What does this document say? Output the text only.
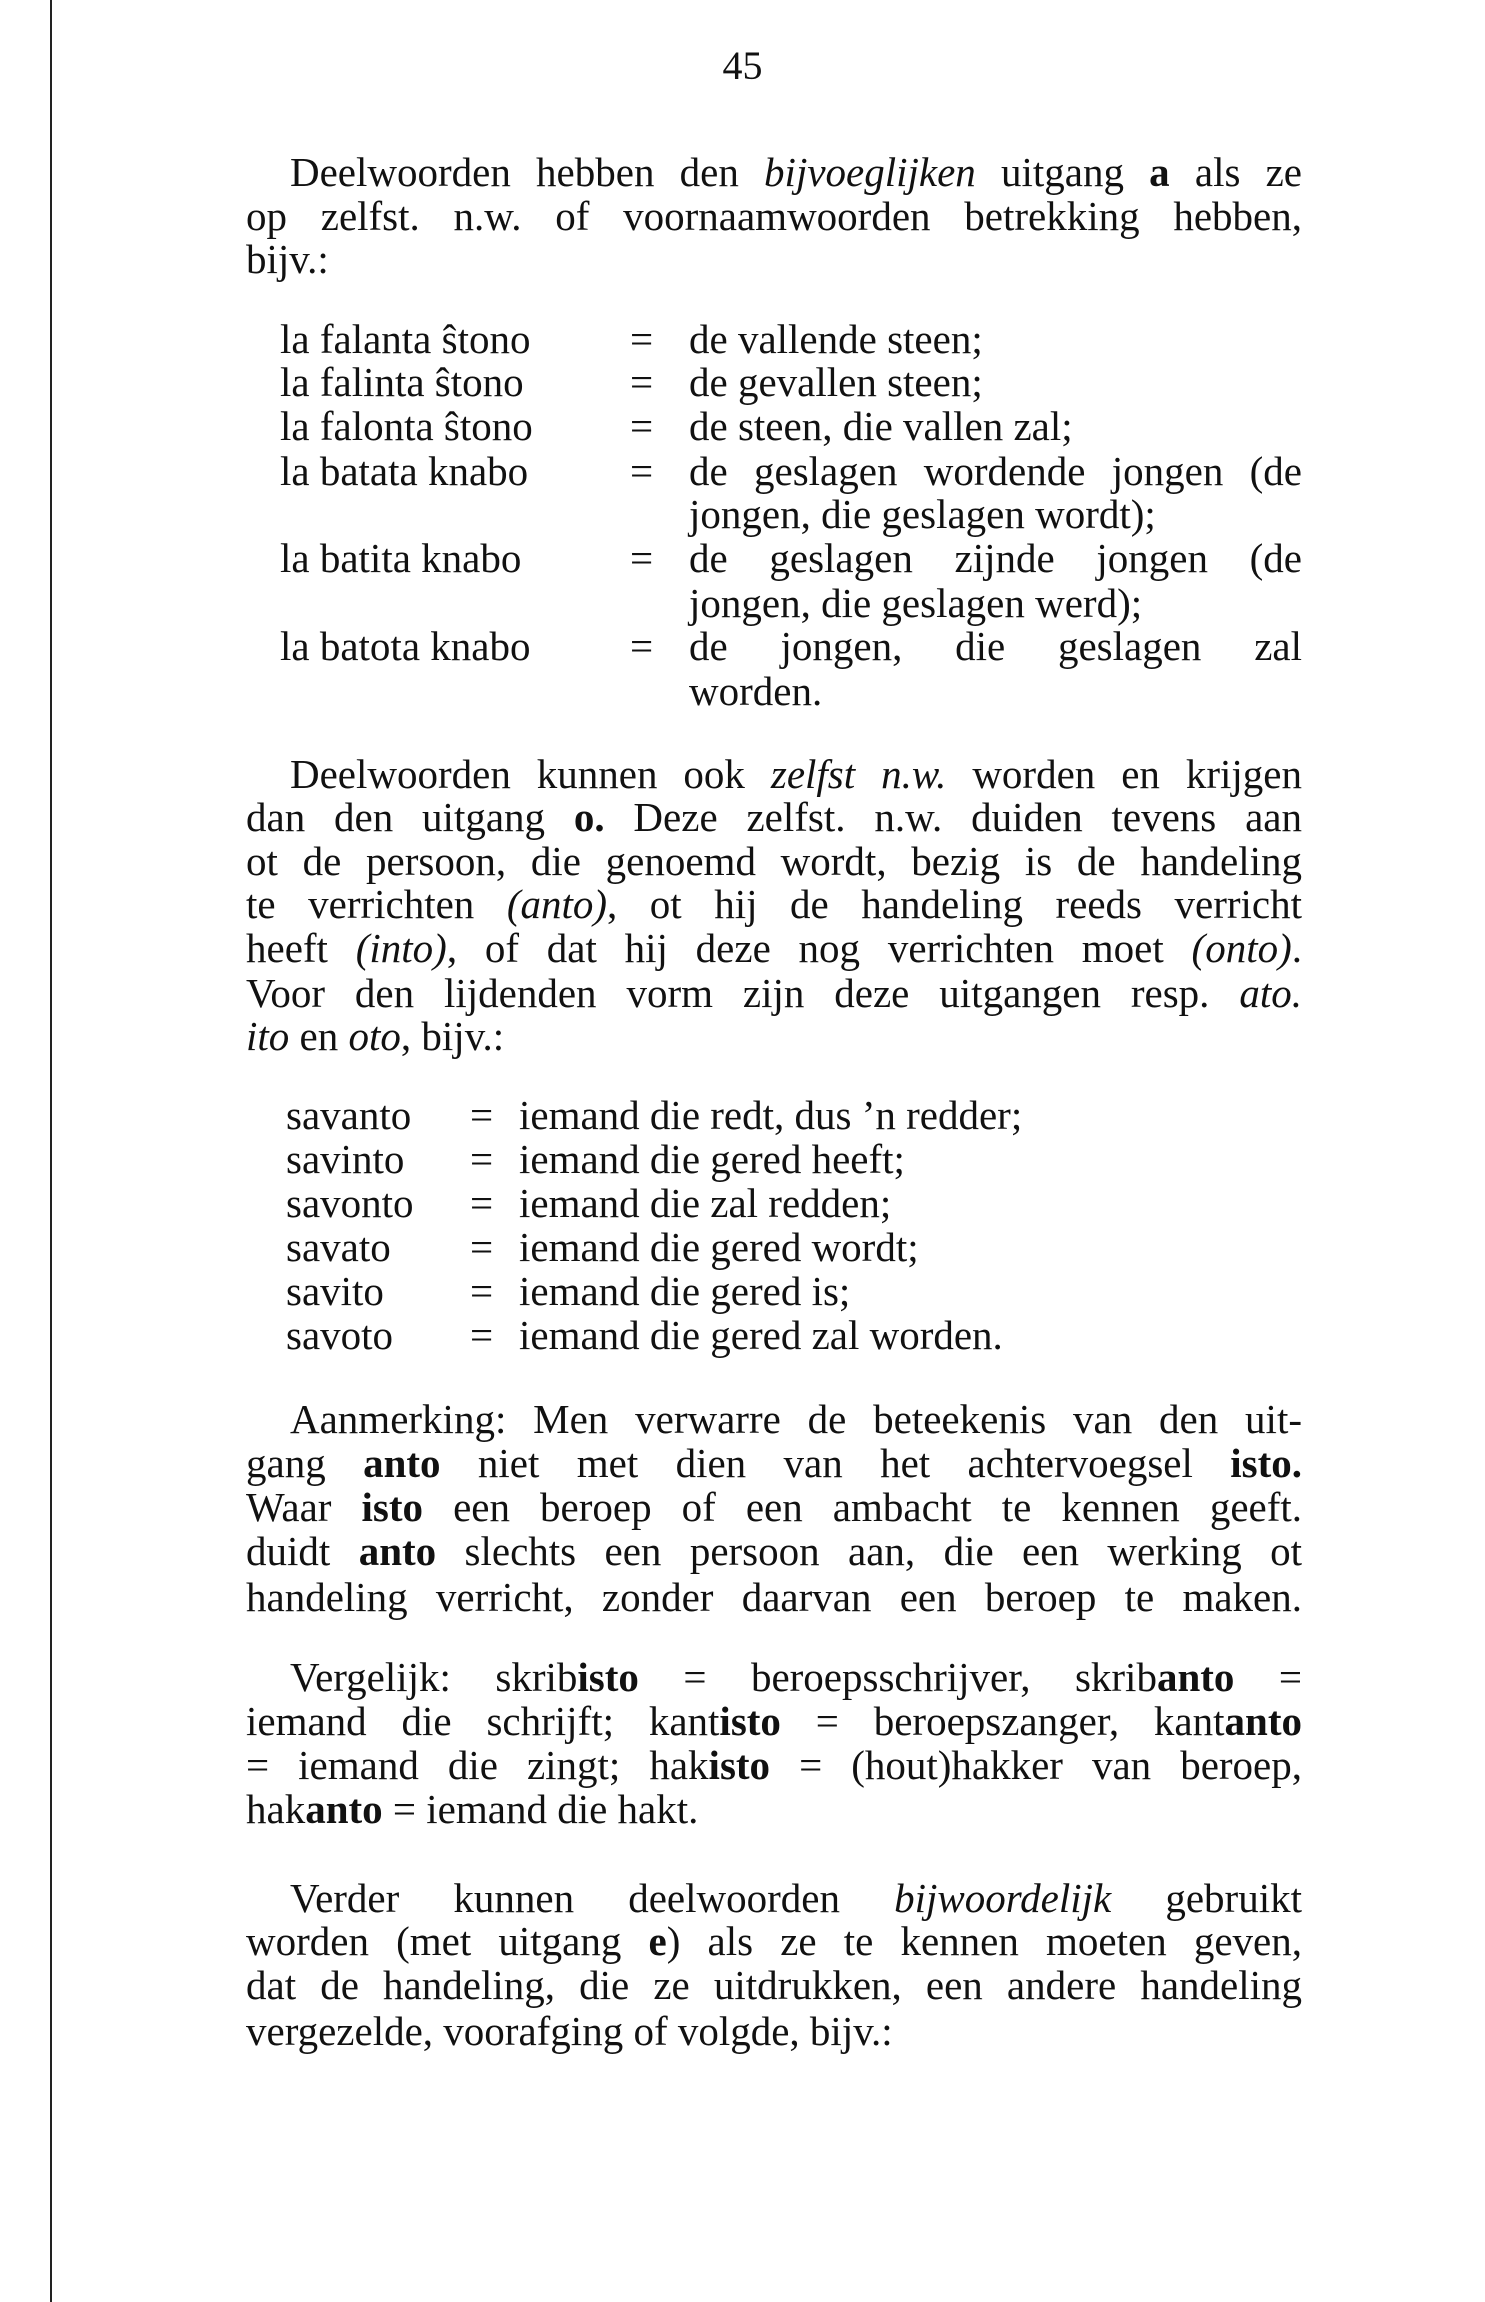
45
Deelwoorden hebben den bijvoeglijken uitgang a als ze
op zelfst. n.w. of voornaamwoorden betrekking hebben,
bijv.:
la falanta ŝtono = de vallende steen;
la falinta ŝtono	= de gevallen steen;
la falonta ŝtono = de steen, die vallen zal;
la batata knabo = de geslagen wordende jongen (de
jongen, die geslagen wordt);
la batita knabo	= de geslagen zijnde jongen (de
jongen, die geslagen werd);
la batota knabo = de jongen, die geslagen zal
worden.
Deelwoorden kunnen ook zelfst n.w. worden en krijgen
dan den uitgang o. Deze zelfst. n.w. duiden tevens aan
ot de persoon, die genoemd wordt, bezig is de handeling
te verrichten (anto), ot hij de handeling reeds verricht
heeft (into), of dat hij deze nog verrichten moet (onto).
Voor den lijdenden vorm zijn deze uitgangen resp. ato.
ito en oto, bijv.:
savanto = iemand die redt, dus ’n redder;
savinto = iemand die gered heeft;
savonto = iemand die zal redden;
savato = iemand die gered wordt;
savito = iemand die gered is;
savoto = iemand die gered zal worden.
Aanmerking: Men verwarre de beteekenis van den uit-
gang anto niet met dien van het achtervoegsel isto.
Waar isto een beroep of een ambacht te kennen geeft.
duidt anto slechts een persoon aan, die een werking ot
handeling verricht, zonder daarvan een beroep te maken.
Vergelijk: skribisto = beroepsschrijver, skribanto =
iemand die schrijft; kantisto = beroepszanger, kantanto
= iemand die zingt; hakisto = (hout)hakker van beroep,
hakanto = iemand die hakt.
Verder kunnen deelwoorden bijwoordelijk gebruikt
worden (met uitgang e) als ze te kennen moeten geven,
dat de handeling, die ze uitdrukken, een andere handeling
vergezelde, voorafging of volgde, bijv.:
